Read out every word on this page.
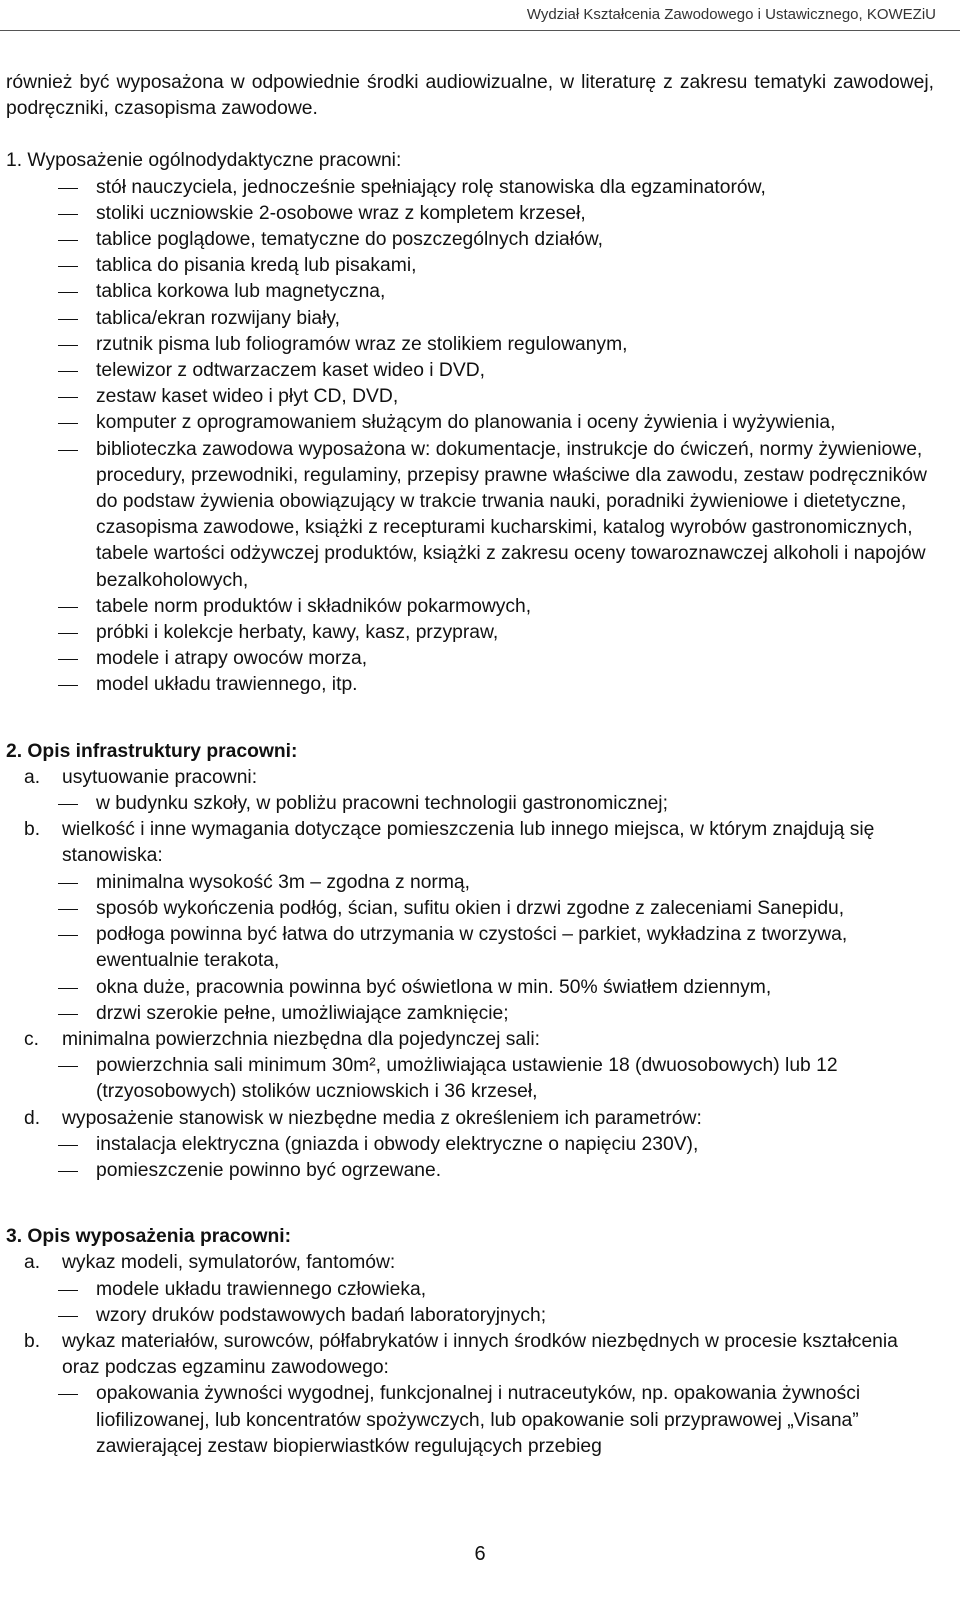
Wydział Kształcenia Zawodowego i Ustawicznego, KOWEZiU
również być wyposażona w odpowiednie środki audiowizualne, w literaturę z zakresu tematyki zawodowej, podręczniki, czasopisma zawodowe.
1. Wyposażenie ogólnodydaktyczne pracowni:
stół nauczyciela, jednocześnie spełniający rolę stanowiska dla egzaminatorów,
stoliki uczniowskie 2-osobowe wraz z kompletem krzeseł,
tablice poglądowe, tematyczne do poszczególnych działów,
tablica do pisania kredą lub pisakami,
tablica korkowa lub magnetyczna,
tablica/ekran rozwijany biały,
rzutnik pisma lub foliogramów wraz ze stolikiem regulowanym,
telewizor z odtwarzaczem kaset wideo i DVD,
zestaw kaset wideo i płyt CD, DVD,
komputer z oprogramowaniem służącym do planowania i oceny żywienia i wyżywienia,
biblioteczka zawodowa wyposażona w: dokumentacje, instrukcje do ćwiczeń, normy żywieniowe, procedury, przewodniki, regulaminy, przepisy prawne właściwe dla zawodu, zestaw podręczników do podstaw żywienia obowiązujący w trakcie trwania nauki, poradniki żywieniowe i dietetyczne, czasopisma zawodowe, książki z recepturami kucharskimi, katalog wyrobów gastronomicznych, tabele wartości odżywczej produktów, książki z zakresu oceny towaroznawczej alkoholi i napojów bezalkoholowych,
tabele norm produktów i składników pokarmowych,
próbki i kolekcje herbaty, kawy, kasz, przypraw,
modele i atrapy owoców morza,
model układu trawiennego, itp.
2. Opis infrastruktury pracowni:
a. usytuowanie pracowni:
w budynku szkoły, w pobliżu pracowni technologii gastronomicznej;
b. wielkość i inne wymagania dotyczące pomieszczenia lub innego miejsca, w którym znajdują się stanowiska:
minimalna wysokość 3m – zgodna z normą,
sposób wykończenia podłóg, ścian, sufitu okien i drzwi zgodne z zaleceniami Sanepidu,
podłoga powinna być łatwa do utrzymania w czystości – parkiet, wykładzina z tworzywa, ewentualnie terakota,
okna duże, pracownia powinna być oświetlona w min. 50% światłem dziennym,
drzwi szerokie pełne, umożliwiające zamknięcie;
c. minimalna powierzchnia niezbędna dla pojedynczej sali:
powierzchnia sali minimum 30m², umożliwiająca ustawienie 18 (dwuosobowych) lub 12 (trzyosobowych) stolików uczniowskich i 36 krzeseł,
d. wyposażenie stanowisk w niezbędne media z określeniem ich parametrów:
instalacja elektryczna (gniazda i obwody elektryczne o napięciu 230V),
pomieszczenie powinno być ogrzewane.
3. Opis wyposażenia pracowni:
a. wykaz modeli, symulatorów, fantomów:
modele układu trawiennego człowieka,
wzory druków podstawowych badań laboratoryjnych;
b. wykaz materiałów, surowców, półfabrykatów i innych środków niezbędnych w procesie kształcenia oraz podczas egzaminu zawodowego:
opakowania żywności wygodnej, funkcjonalnej i nutraceutyków, np. opakowania żywności liofilizowanej, lub koncentratów spożywczych, lub opakowanie soli przyprawowej „Visana” zawierającej zestaw biopierwiastków regulujących przebieg
6
